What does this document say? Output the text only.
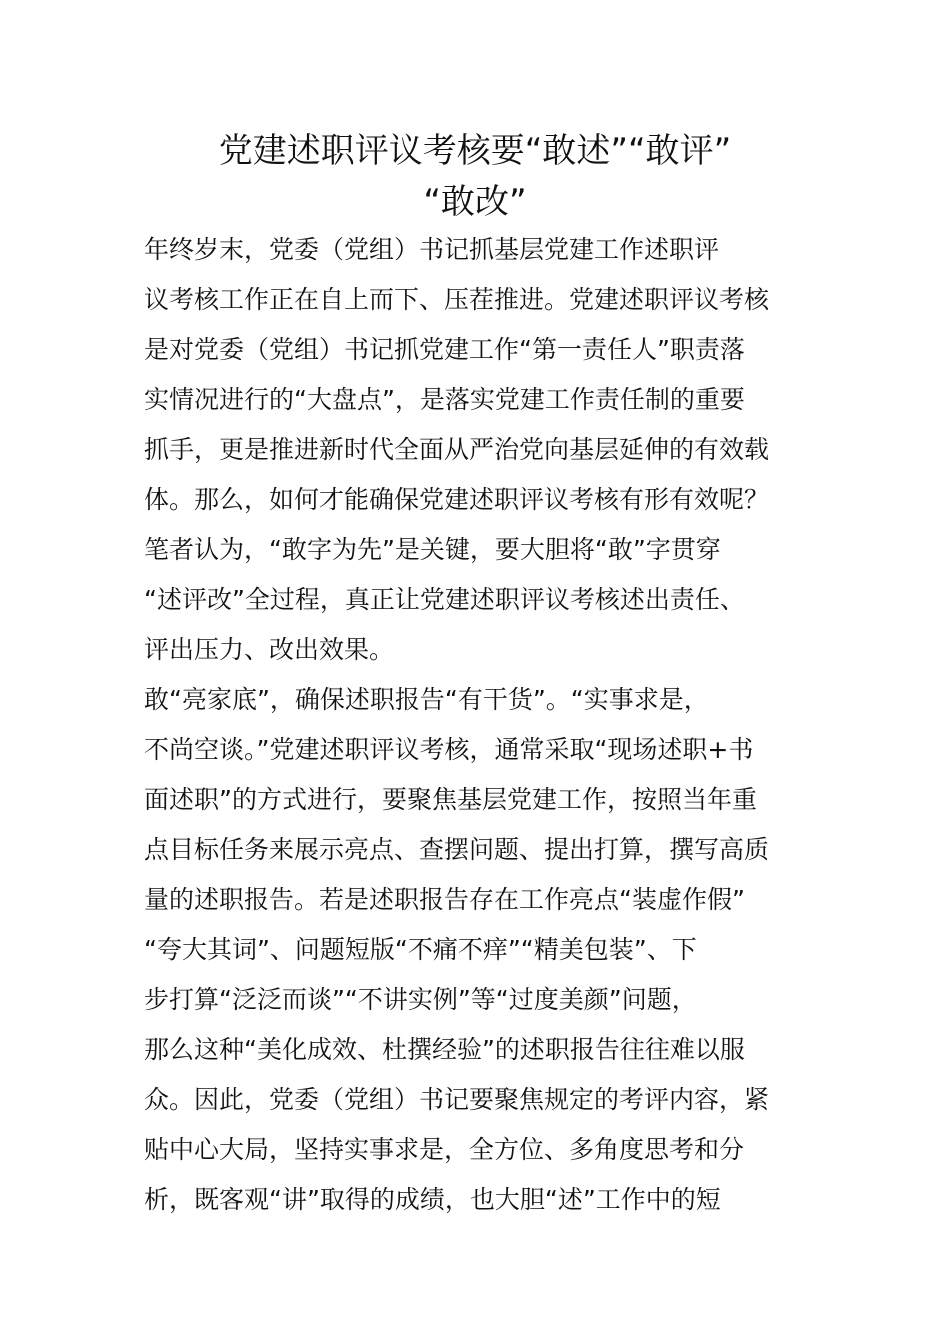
党建述职评议考核要“敢述”“敢评”
“敢改”
年终岁末，党委（党组）书记抓基层党建工作述职评
议考核工作正在自上而下、压茬推进。党建述职评议考核
是对党委（党组）书记抓党建工作“第一责任人”职责落
实情况进行的“大盘点”，是落实党建工作责任制的重要
抓手，更是推进新时代全面从严治党向基层延伸的有效载
体。那么，如何才能确保党建述职评议考核有形有效呢？
笔者认为，“敢字为先”是关键，要大胆将“敢”字贯穿
“述评改”全过程，真正让党建述职评议考核述出责任、
评出压力、改出效果。
敢“亮家底”，确保述职报告“有干货”。“实事求是，
不尚空谈。”党建述职评议考核，通常采取“现场述职+书
面述职”的方式进行，要聚焦基层党建工作，按照当年重
点目标任务来展示亮点、查摆问题、提出打算，撰写高质
量的述职报告。若是述职报告存在工作亮点“装虚作假”
“夸大其词”、问题短版“不痛不痒”“精美包装”、下
步打算“泛泛而谈”“不讲实例”等“过度美颜”问题，
那么这种“美化成效、杜撰经验”的述职报告往往难以服
众。因此，党委（党组）书记要聚焦规定的考评内容，紧
贴中心大局，坚持实事求是，全方位、多角度思考和分
析，既客观“讲”取得的成绩，也大胆“述”工作中的短
